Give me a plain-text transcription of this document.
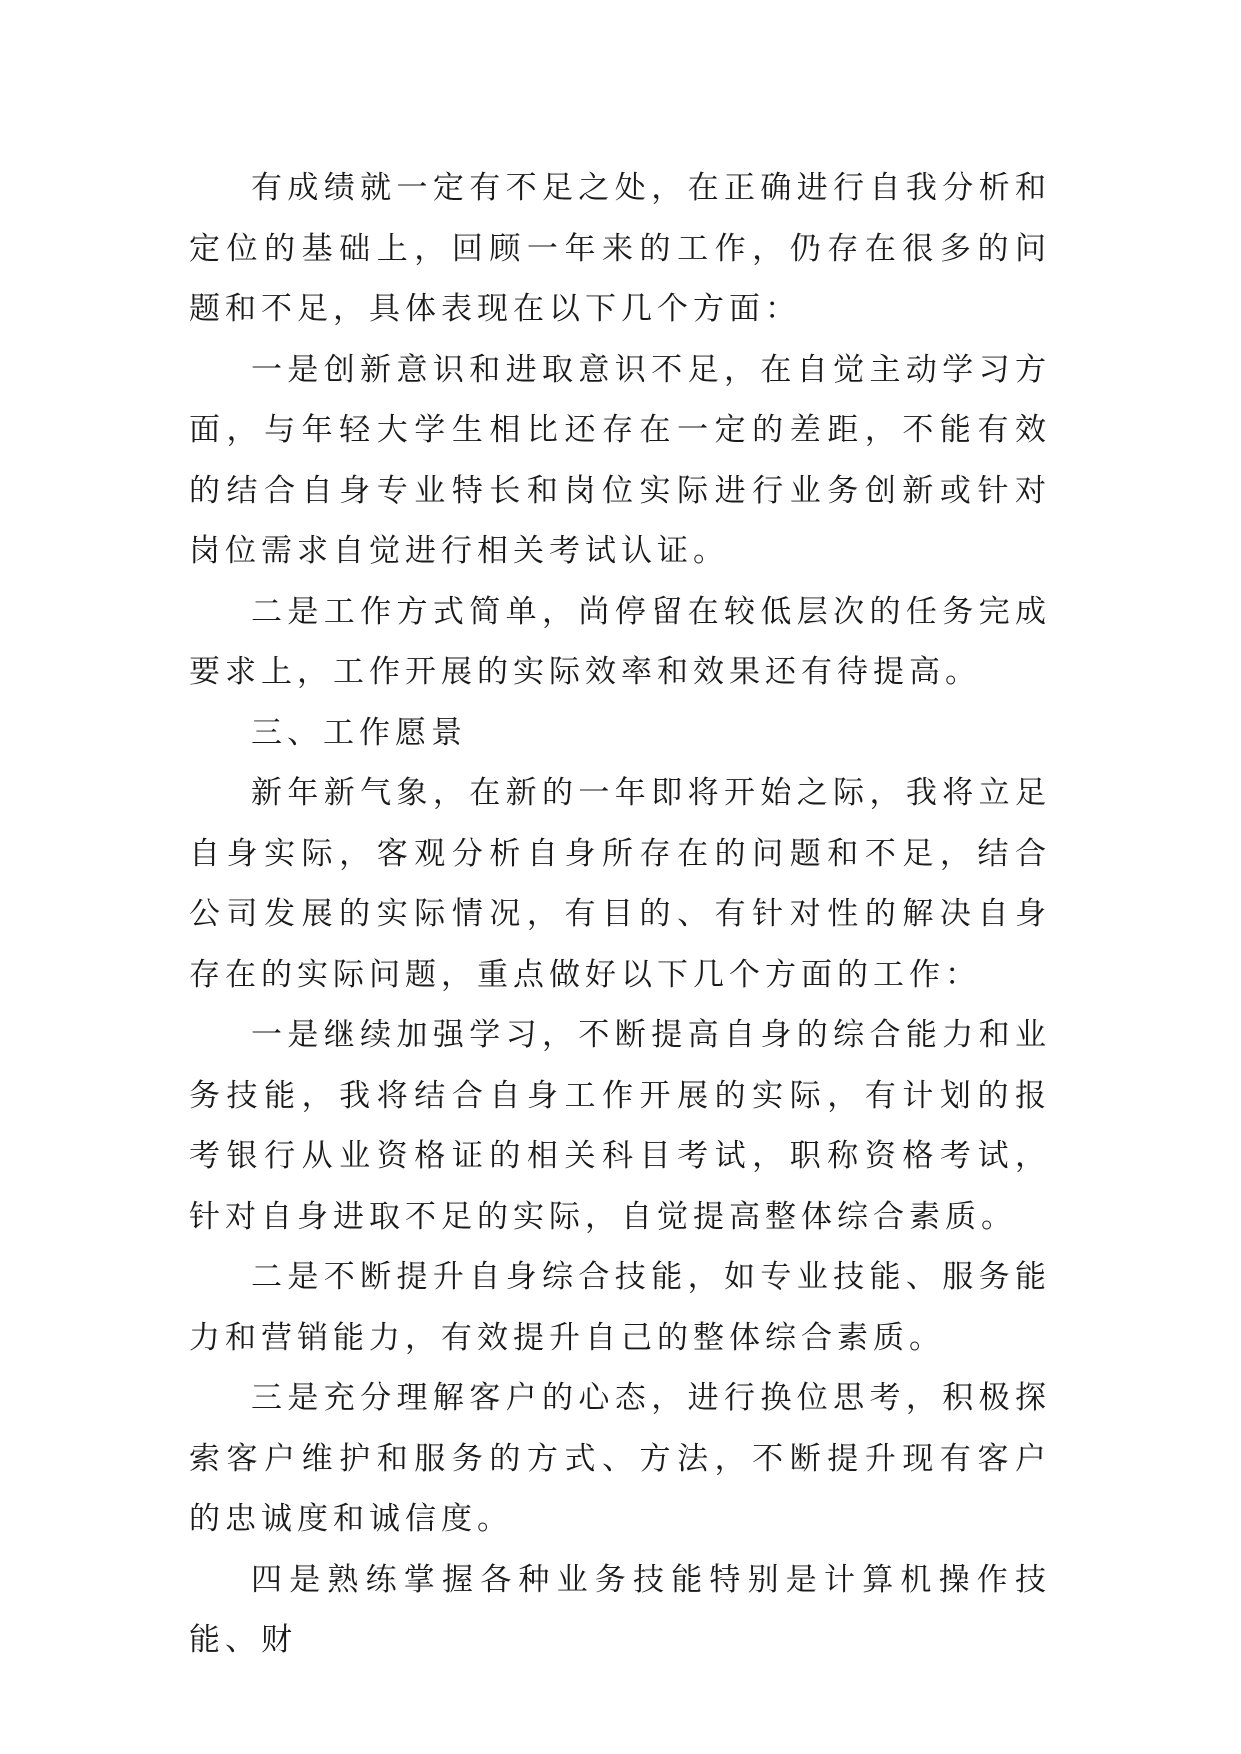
有成绩就一定有不足之处，在正确进行自我分析和定位的基础上，回顾一年来的工作，仍存在很多的问题和不足，具体表现在以下几个方面：

一是创新意识和进取意识不足，在自觉主动学习方面，与年轻大学生相比还存在一定的差距，不能有效的结合自身专业特长和岗位实际进行业务创新或针对岗位需求自觉进行相关考试认证。

二是工作方式简单，尚停留在较低层次的任务完成要求上，工作开展的实际效率和效果还有待提高。

三、工作愿景

新年新气象，在新的一年即将开始之际，我将立足自身实际，客观分析自身所存在的问题和不足，结合公司发展的实际情况，有目的、有针对性的解决自身存在的实际问题，重点做好以下几个方面的工作：

一是继续加强学习，不断提高自身的综合能力和业务技能，我将结合自身工作开展的实际，有计划的报考银行从业资格证的相关科目考试，职称资格考试，针对自身进取不足的实际，自觉提高整体综合素质。

二是不断提升自身综合技能，如专业技能、服务能力和营销能力，有效提升自己的整体综合素质。

三是充分理解客户的心态，进行换位思考，积极探索客户维护和服务的方式、方法，不断提升现有客户的忠诚度和诚信度。

四是熟练掌握各种业务技能特别是计算机操作技能、财
